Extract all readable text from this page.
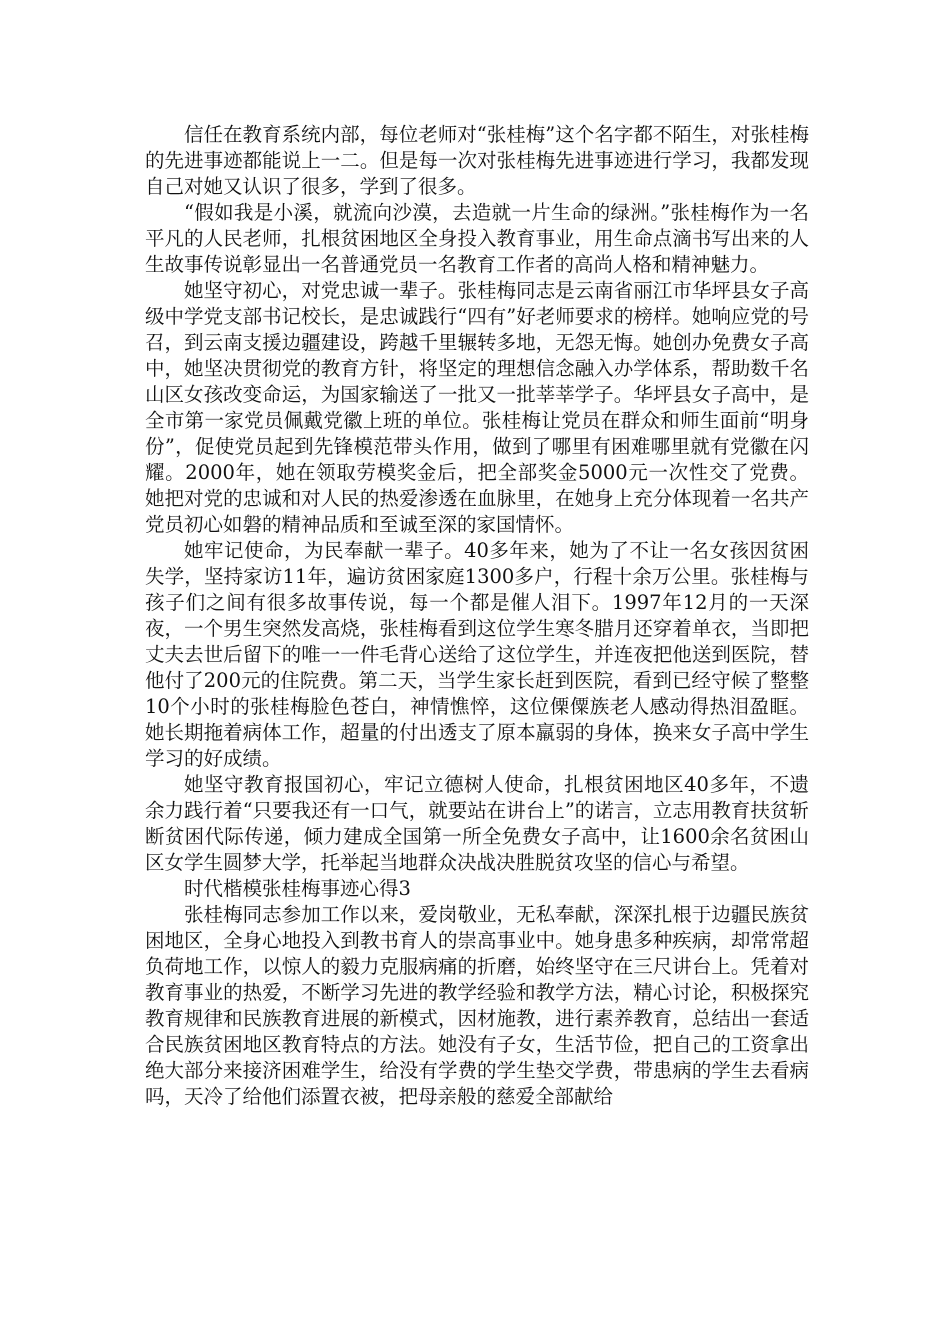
信任在教育系统内部，每位老师对“张桂梅”这个名字都不陌生，对张桂梅的先进事迹都能说上一二。但是每一次对张桂梅先进事迹进行学习，我都发现自己对她又认识了很多，学到了很多。

“假如我是小溪，就流向沙漠，去造就一片生命的绿洲。”张桂梅作为一名平凡的人民老师，扎根贫困地区全身投入教育事业，用生命点滴书写出来的人生故事传说彰显出一名普通党员一名教育工作者的高尚人格和精神魅力。

她坚守初心，对党忠诚一辈子。张桂梅同志是云南省丽江市华坪县女子高级中学党支部书记校长，是忠诚践行“四有”好老师要求的榜样。她响应党的号召，到云南支援边疆建设，跨越千里辗转多地，无怨无悔。她创办免费女子高中，她坚决贯彻党的教育方针，将坚定的理想信念融入办学体系，帮助数千名山区女孩改变命运，为国家输送了一批又一批莘莘学子。华坪县女子高中，是全市第一家党员佩戴党徽上班的单位。张桂梅让党员在群众和师生面前“明身份”，促使党员起到先锋模范带头作用，做到了哪里有困难哪里就有党徽在闪耀。2000年，她在领取劳模奖金后，把全部奖金5000元一次性交了党费。她把对党的忠诚和对人民的热爱渗透在血脉里，在她身上充分体现着一名共产党员初心如磐的精神品质和至诚至深的家国情怀。

她牢记使命，为民奉献一辈子。40多年来，她为了不让一名女孩因贫困失学，坚持家访11年，遍访贫困家庭1300多户，行程十余万公里。张桂梅与孩子们之间有很多故事传说，每一个都是催人泪下。1997年12月的一天深夜，一个男生突然发高烧，张桂梅看到这位学生寒冬腊月还穿着单衣，当即把丈夫去世后留下的唯一一件毛背心送给了这位学生，并连夜把他送到医院，替他付了200元的住院费。第二天，当学生家长赶到医院，看到已经守候了整整10个小时的张桂梅脸色苍白，神情憔悴，这位傈僳族老人感动得热泪盈眶。她长期拖着病体工作，超量的付出透支了原本羸弱的身体，换来女子高中学生学习的好成绩。

她坚守教育报国初心，牢记立德树人使命，扎根贫困地区40多年，不遗余力践行着“只要我还有一口气，就要站在讲台上”的诺言，立志用教育扶贫斩断贫困代际传递，倾力建成全国第一所全免费女子高中，让1600余名贫困山区女学生圆梦大学，托举起当地群众决战决胜脱贫攻坚的信心与希望。

时代楷模张桂梅事迹心得3

张桂梅同志参加工作以来，爱岗敬业，无私奉献，深深扎根于边疆民族贫困地区，全身心地投入到教书育人的崇高事业中。她身患多种疾病，却常常超负荷地工作，以惊人的毅力克服病痛的折磨，始终坚守在三尺讲台上。凭着对教育事业的热爱，不断学习先进的教学经验和教学方法，精心讨论，积极探究教育规律和民族教育进展的新模式，因材施教，进行素养教育，总结出一套适合民族贫困地区教育特点的方法。她没有子女，生活节俭，把自己的工资拿出绝大部分来接济困难学生，给没有学费的学生垫交学费，带患病的学生去看病吗，天冷了给他们添置衣被，把母亲般的慈爱全部献给
